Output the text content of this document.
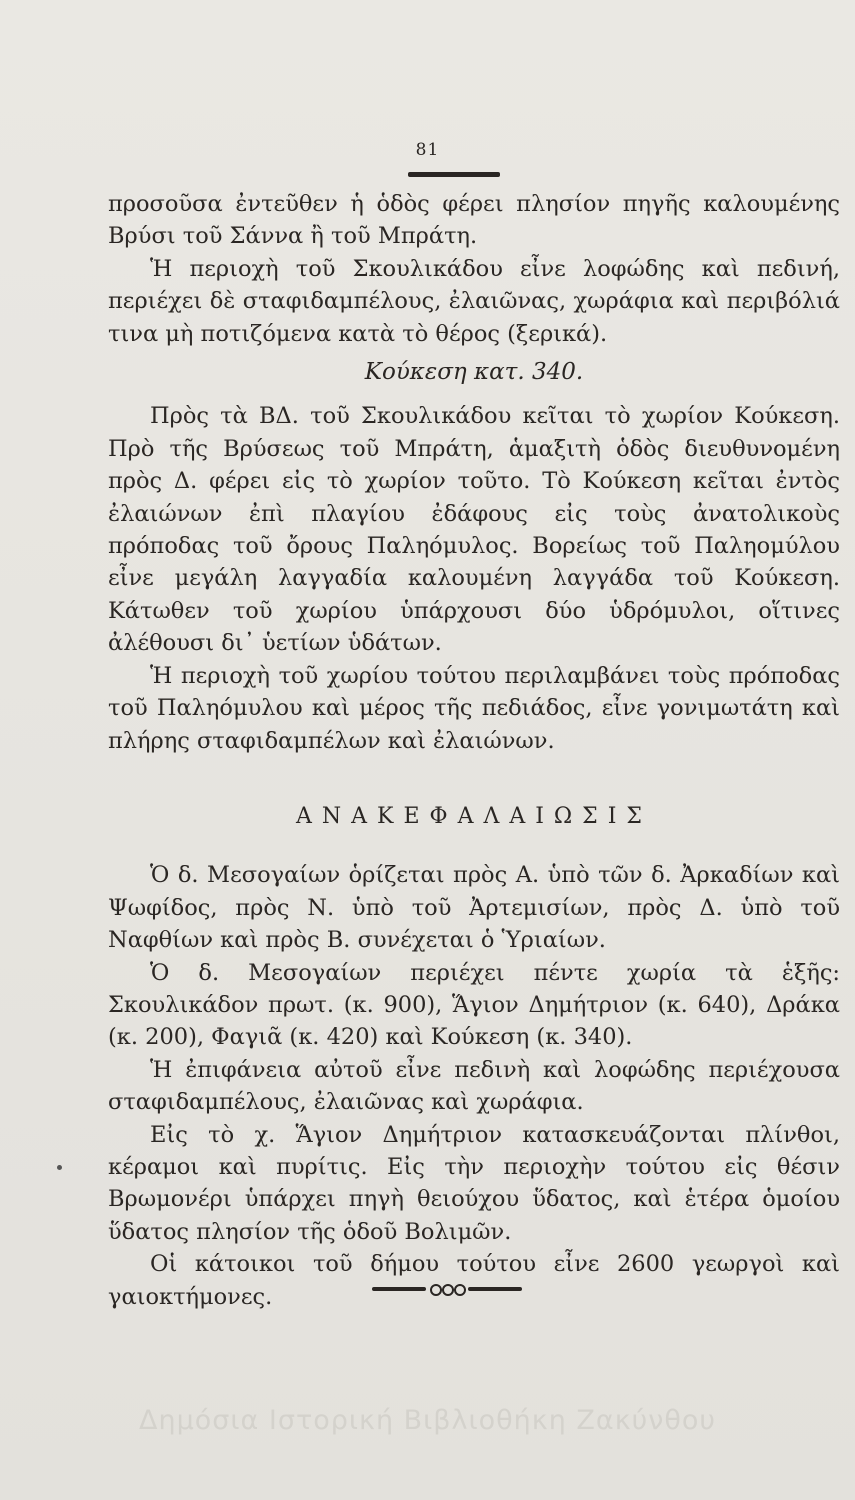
81

προσοῦσα ἐντεῦθεν ἡ ὁδὸς φέρει πλησίον πηγῆς καλουμένης Βρύσι τοῦ Σάννα ἢ τοῦ Μπράτη.

Ἡ περιοχὴ τοῦ Σκουλικάδου εἶνε λοφώδης καὶ πεδινή, περιέχει δὲ σταφιδαμπέλους, ἐλαιῶνας, χωράφια καὶ περιβόλιά τινα μὴ ποτιζόμενα κατὰ τὸ θέρος (ξερικά).

Κούκεση κατ. 340.

Πρὸς τὰ ΒΔ. τοῦ Σκουλικάδου κεῖται τὸ χωρίον Κούκεση. Πρὸ τῆς Βρύσεως τοῦ Μπράτη, ἁμαξιτὴ ὁδὸς διευθυνομένη πρὸς Δ. φέρει εἰς τὸ χωρίον τοῦτο. Τὸ Κούκεση κεῖται ἐντὸς ἐλαιώνων ἐπὶ πλαγίου ἐδάφους εἰς τοὺς ἀνατολικοὺς πρόποδας τοῦ ὄρους Παληόμυλος. Βορείως τοῦ Παληομύλου εἶνε μεγάλη λαγγαδία καλουμένη λαγγάδα τοῦ Κούκεση. Κάτωθεν τοῦ χωρίου ὑπάρχουσι δύο ὑδρόμυλοι, οἵτινες ἀλέθουσι δι᾿ ὑετίων ὑδάτων.

Ἡ περιοχὴ τοῦ χωρίου τούτου περιλαμβάνει τοὺς πρόποδας τοῦ Παληόμυλου καὶ μέρος τῆς πεδιάδος, εἶνε γονιμωτάτη καὶ πλήρης σταφιδαμπέλων καὶ ἐλαιώνων.

ΑΝΑΚΕΦΑΛΑΙΩΣΙΣ

Ὁ δ. Μεσογαίων ὁρίζεται πρὸς Α. ὑπὸ τῶν δ. Ἀρκαδίων καὶ Ψωφίδος, πρὸς Ν. ὑπὸ τοῦ Ἀρτεμισίων, πρὸς Δ. ὑπὸ τοῦ Ναφθίων καὶ πρὸς Β. συνέχεται ὁ Ὑριαίων.

Ὁ δ. Μεσογαίων περιέχει πέντε χωρία τὰ ἑξῆς: Σκουλικάδον πρωτ. (κ. 900), Ἅγιον Δημήτριον (κ. 640), Δράκα (κ. 200), Φαγιᾶ (κ. 420) καὶ Κούκεση (κ. 340).

Ἡ ἐπιφάνεια αὐτοῦ εἶνε πεδινὴ καὶ λοφώδης περιέχουσα σταφιδαμπέλους, ἐλαιῶνας καὶ χωράφια.

Εἰς τὸ χ. Ἅγιον Δημήτριον κατασκευάζονται πλίνθοι, κέραμοι καὶ πυρίτις. Εἰς τὴν περιοχὴν τούτου εἰς θέσιν Βρωμονέρι ὑπάρχει πηγὴ θειούχου ὕδατος, καὶ ἑτέρα ὁμοίου ὕδατος πλησίον τῆς ὁδοῦ Βολιμῶν.

Οἱ κάτοικοι τοῦ δήμου τούτου εἶνε 2600 γεωργοὶ καὶ γαιοκτήμονες.

Δημόσια Ιστορική Βιβλιοθήκη Ζακύνθου
